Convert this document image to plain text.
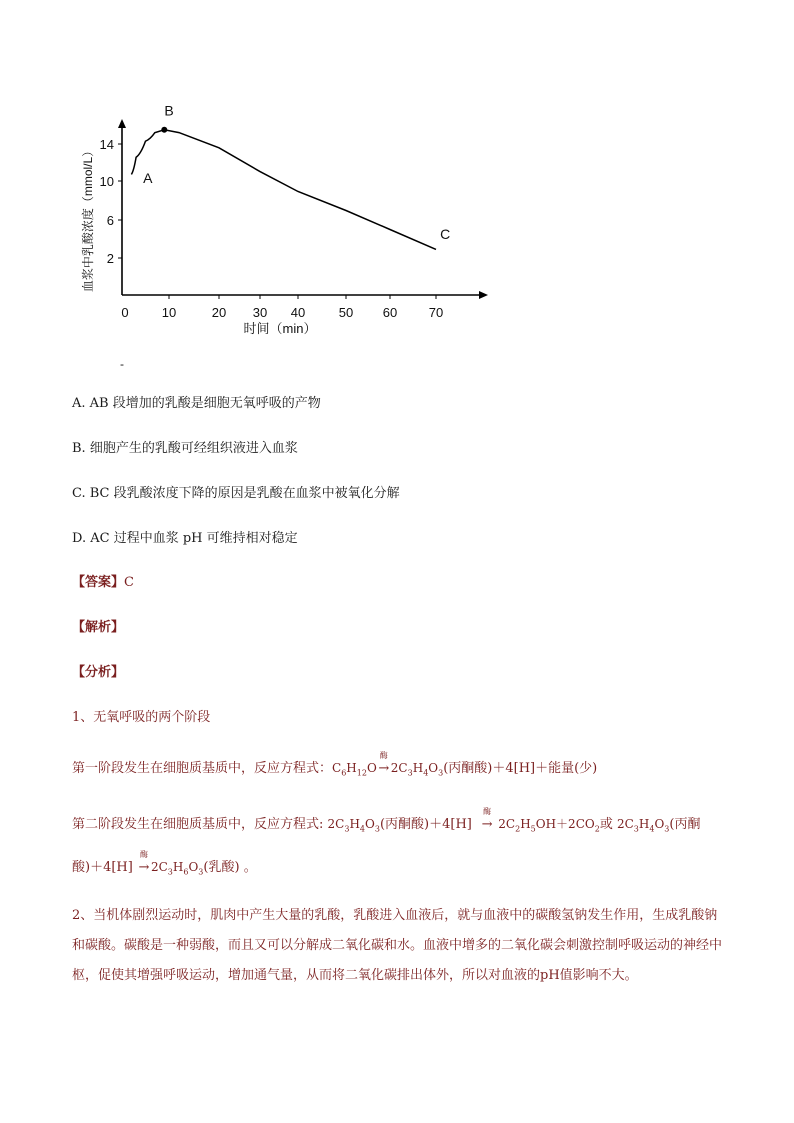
0	10	20 30 40	50 60 70
2
6
10
14
A
B
C
血浆中乳酸浓度（mmol/L）
时间（min）
-
A. AB 段增加的乳酸是细胞无氧呼吸的产物
B. 细胞产生的乳酸可经组织液进入血浆
C. BC 段乳酸浓度下降的原因是乳酸在血浆中被氧化分解
D. AC 过程中血浆 pH 可维持相对稳定
【答案】C
【解析】
【分析】
1、无氧呼吸的两个阶段
第一阶段发生在细胞质基质中，反应方程式：$C_6H_{12}O$
酶
→ $2C_3H_4O_3$(丙酮酸)＋4[H]＋能量(少)
第二阶段发生在细胞质基质中，反应方程式: $2C_3H_4O_3$(丙酮酸)＋4[H]
酶
→ $2C_2H_5OH+2CO_2$或 $2C_3H_4O_3$(丙酮
酸)＋4[H]
酶
→ $2C_3H_6O_3$(乳酸) 。
2、当机体剧烈运动时，肌肉中产生大量的乳酸，乳酸进入血液后，就与血液中的碳酸氢钠发生作用，生成乳酸钠和碳酸。碳酸是一种弱酸，而且又可以分解成二氧化碳和水。血液中增多的二氧化碳会刺激控制呼吸运动的神经中枢，促使其增强呼吸运动，增加通气量，从而将二氧化碳排出体外，所以对血液的pH值影响不大。
